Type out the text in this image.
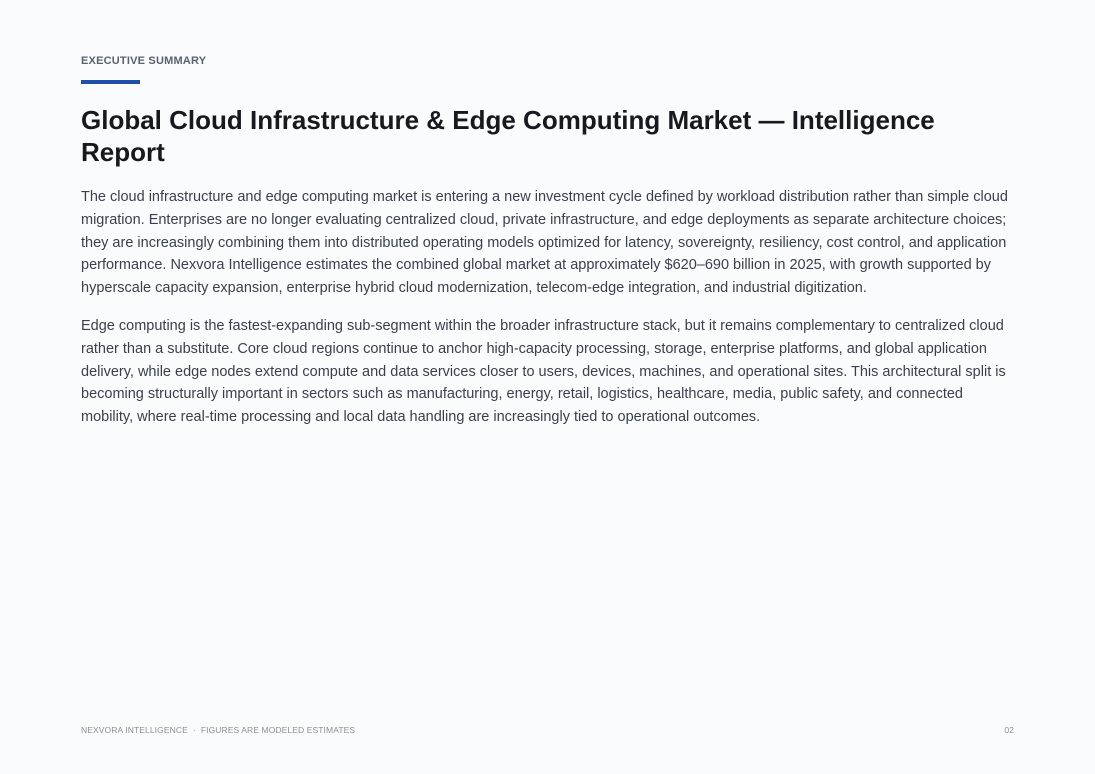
EXECUTIVE SUMMARY
Global Cloud Infrastructure & Edge Computing Market — Intelligence Report

The cloud infrastructure and edge computing market is entering a new investment cycle defined by workload distribution rather than simple cloud migration. Enterprises are no longer evaluating centralized cloud, private infrastructure, and edge deployments as separate architecture choices; they are increasingly combining them into distributed operating models optimized for latency, sovereignty, resiliency, cost control, and application performance. Nexvora Intelligence estimates the combined global market at approximately $620–690 billion in 2025, with growth supported by hyperscale capacity expansion, enterprise hybrid cloud modernization, telecom-edge integration, and industrial digitization.

Edge computing is the fastest-expanding sub-segment within the broader infrastructure stack, but it remains complementary to centralized cloud rather than a substitute. Core cloud regions continue to anchor high-capacity processing, storage, enterprise platforms, and global application delivery, while edge nodes extend compute and data services closer to users, devices, machines, and operational sites. This architectural split is becoming structurally important in sectors such as manufacturing, energy, retail, logistics, healthcare, media, public safety, and connected mobility, where real-time processing and local data handling are increasingly tied to operational outcomes.

NEXVORA INTELLIGENCE · FIGURES ARE MODELED ESTIMATES	02
